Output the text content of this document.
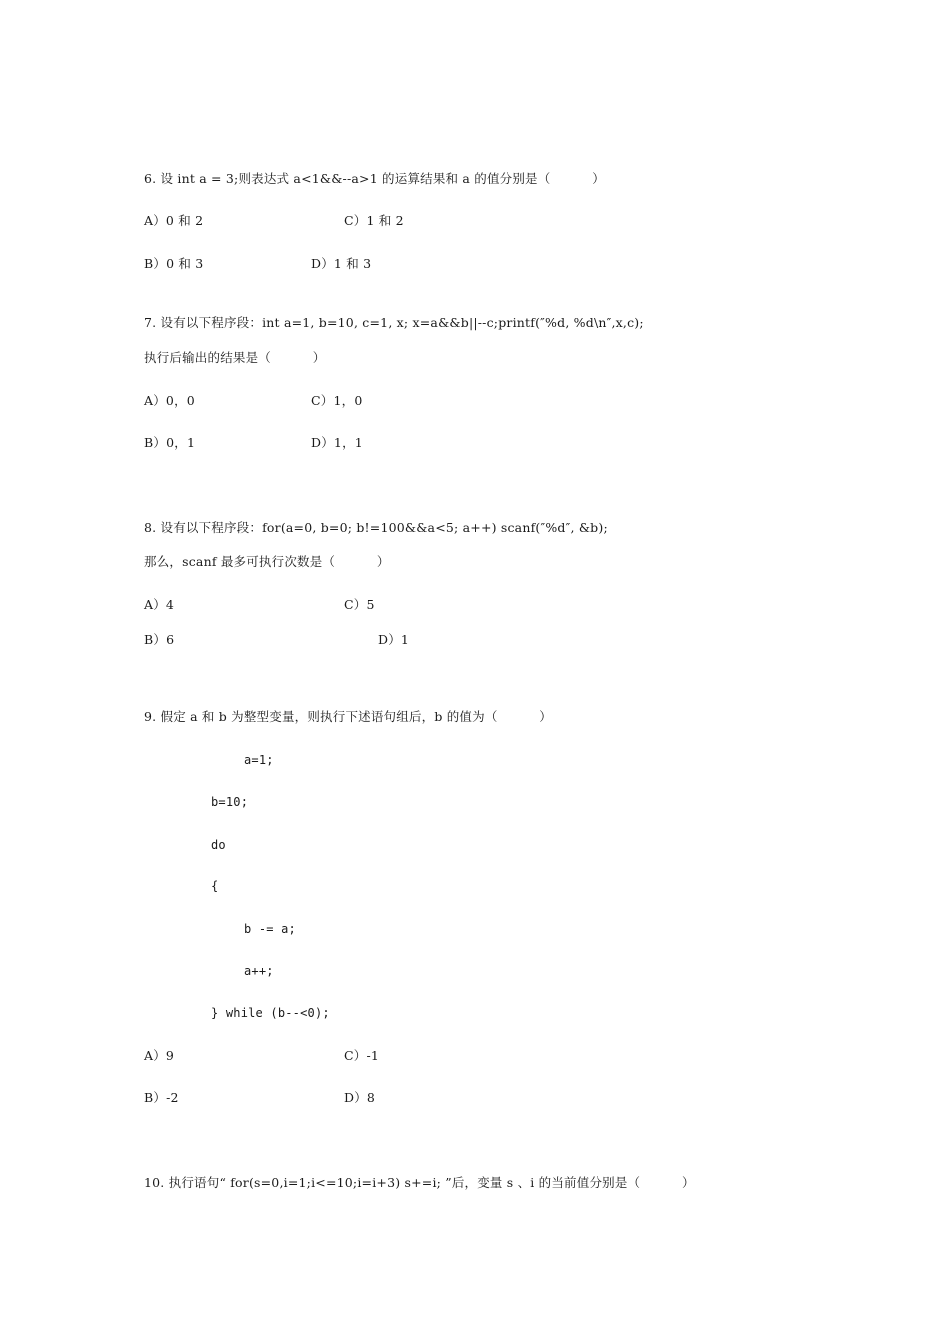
6. 设 int a = 3;则表达式 a<1&&--a>1 的运算结果和 a 的值分别是（          ）
A）0 和 2	C）1 和 2
B）0 和 3	D）1 和 3
7. 设有以下程序段：int a=1, b=10, c=1, x; x=a&&b||--c;printf(″%d, %d\n″,x,c);
执行后输出的结果是（          ）
A）0，0	C）1，0
B）0，1	D）1，1
8. 设有以下程序段：for(a=0, b=0; b!=100&&a<5; a++) scanf(″%d″, &b);
那么，scanf 最多可执行次数是（          ）
A）4	C）5
B）6	D）1
9. 假定 a 和 b 为整型变量，则执行下述语句组后，b 的值为（          ）
a=1;
b=10;
do
{
b -= a;
a++;
} while (b--<0);
A）9	C）-1
B）-2	D）8
10. 执行语句“ for(s=0,i=1;i<=10;i=i+3) s+=i; ”后，变量 s 、i 的当前值分别是（          ）
